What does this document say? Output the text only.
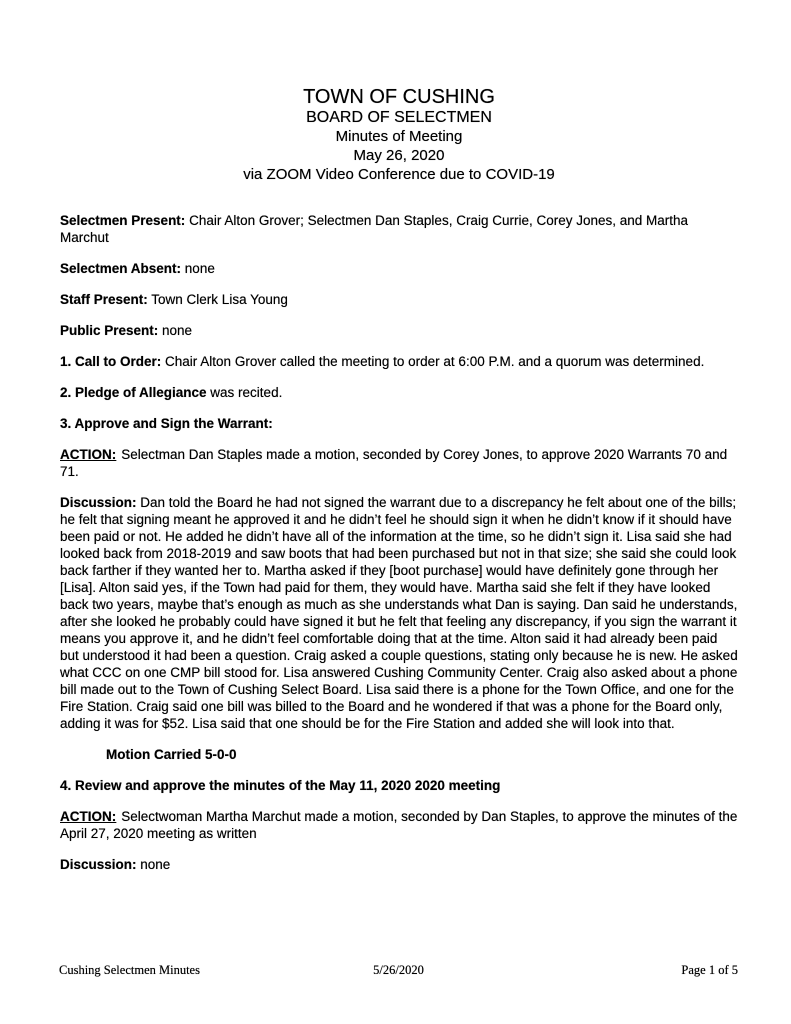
TOWN OF CUSHING
BOARD OF SELECTMEN
Minutes of Meeting
May 26, 2020
via ZOOM Video Conference due to COVID-19

Selectmen Present: Chair Alton Grover; Selectmen Dan Staples, Craig Currie, Corey Jones, and Martha Marchut

Selectmen Absent: none

Staff Present: Town Clerk Lisa Young

Public Present: none

1. Call to Order: Chair Alton Grover called the meeting to order at 6:00 P.M. and a quorum was determined.

2. Pledge of Allegiance was recited.

3. Approve and Sign the Warrant:

ACTION: Selectman Dan Staples made a motion, seconded by Corey Jones, to approve 2020 Warrants 70 and 71.

Discussion: Dan told the Board he had not signed the warrant due to a discrepancy he felt about one of the bills; he felt that signing meant he approved it and he didn’t feel he should sign it when he didn’t know if it should have been paid or not. He added he didn’t have all of the information at the time, so he didn’t sign it. Lisa said she had looked back from 2018-2019 and saw boots that had been purchased but not in that size; she said she could look back farther if they wanted her to. Martha asked if they [boot purchase] would have definitely gone through her [Lisa]. Alton said yes, if the Town had paid for them, they would have. Martha said she felt if they have looked back two years, maybe that’s enough as much as she understands what Dan is saying. Dan said he understands, after she looked he probably could have signed it but he felt that feeling any discrepancy, if you sign the warrant it means you approve it, and he didn’t feel comfortable doing that at the time. Alton said it had already been paid but understood it had been a question. Craig asked a couple questions, stating only because he is new. He asked what CCC on one CMP bill stood for. Lisa answered Cushing Community Center. Craig also asked about a phone bill made out to the Town of Cushing Select Board. Lisa said there is a phone for the Town Office, and one for the Fire Station. Craig said one bill was billed to the Board and he wondered if that was a phone for the Board only, adding it was for $52. Lisa said that one should be for the Fire Station and added she will look into that.

Motion Carried 5-0-0

4. Review and approve the minutes of the May 11, 2020 2020 meeting

ACTION: Selectwoman Martha Marchut made a motion, seconded by Dan Staples, to approve the minutes of the April 27, 2020 meeting as written

Discussion: none

Cushing Selectmen Minutes	5/26/2020	Page 1 of 5
